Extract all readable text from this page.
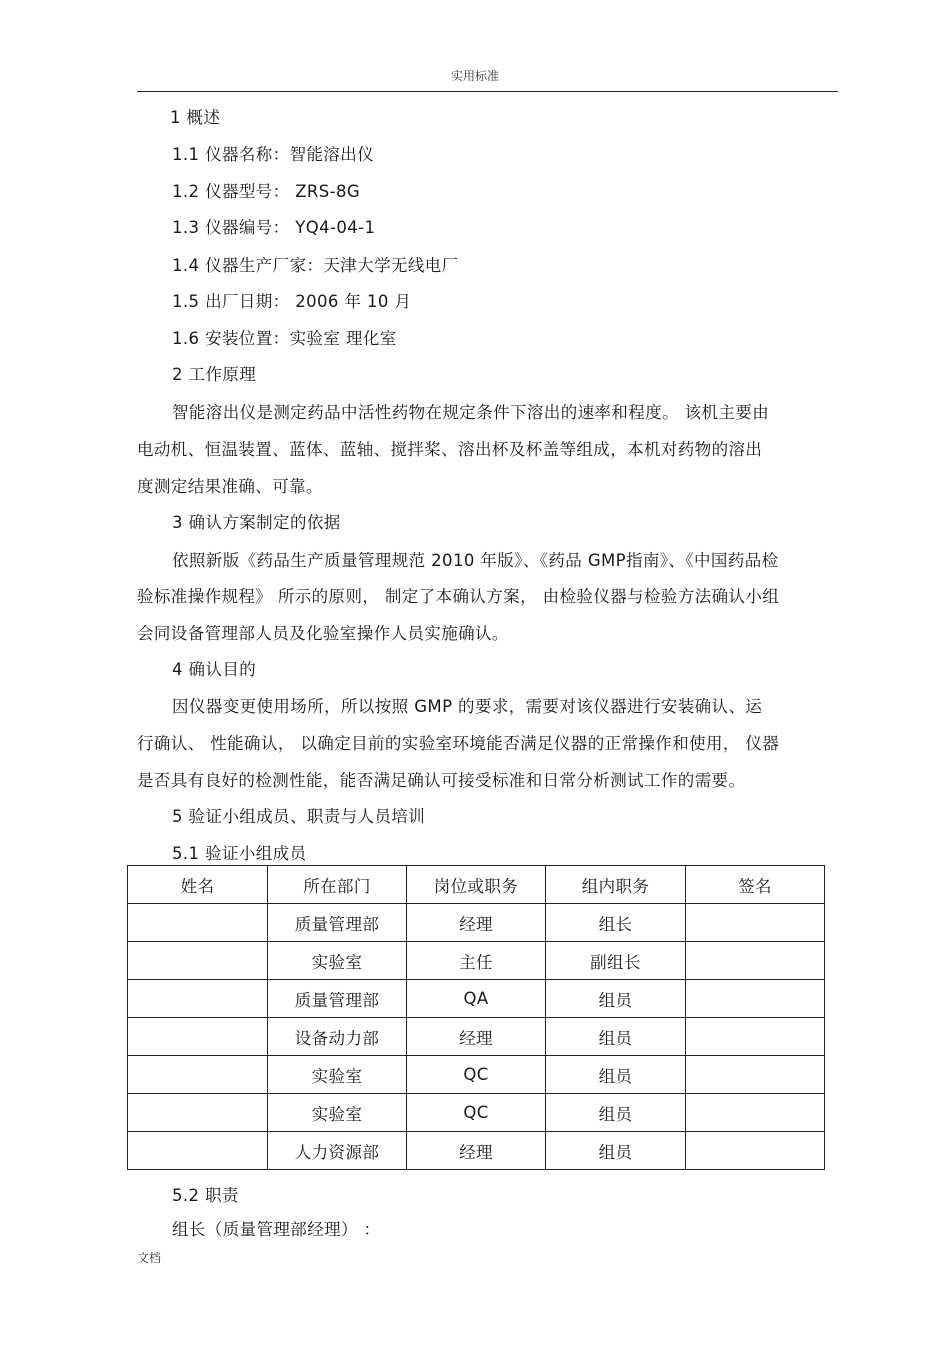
实用标准
1 概述
1.1 仪器名称：智能溶出仪
1.2 仪器型号： ZRS-8G
1.3 仪器编号： YQ4-04-1
1.4 仪器生产厂家：天津大学无线电厂
1.5 出厂日期： 2006 年 10 月
1.6 安装位置：实验室 理化室
2 工作原理
智能溶出仪是测定药品中活性药物在规定条件下溶出的速率和程度。 该机主要由
电动机、恒温装置、蓝体、蓝轴、搅拌桨、溶出杯及杯盖等组成，本机对药物的溶出
度测定结果准确、可靠。
3 确认方案制定的依据
依照新版《药品生产质量管理规范 2010 年版》、《药品 GMP指南》、《中国药品检
验标准操作规程》 所示的原则， 制定了本确认方案， 由检验仪器与检验方法确认小组
会同设备管理部人员及化验室操作人员实施确认。
4 确认目的
因仪器变更使用场所，所以按照 GMP 的要求，需要对该仪器进行安装确认、运
行确认、 性能确认， 以确定目前的实验室环境能否满足仪器的正常操作和使用， 仪器
是否具有良好的检测性能，能否满足确认可接受标准和日常分析测试工作的需要。
5 验证小组成员、职责与人员培训
5.1 验证小组成员
姓名	所在部门	岗位或职务	组内职务	签名
	质量管理部	经理	组长	
	实验室	主任	副组长	
	质量管理部	QA	组员	
	设备动力部	经理	组员	
	实验室	QC	组员	
	实验室	QC	组员	
	人力资源部	经理	组员	
5.2 职责
组长（质量管理部经理） ：
文档
